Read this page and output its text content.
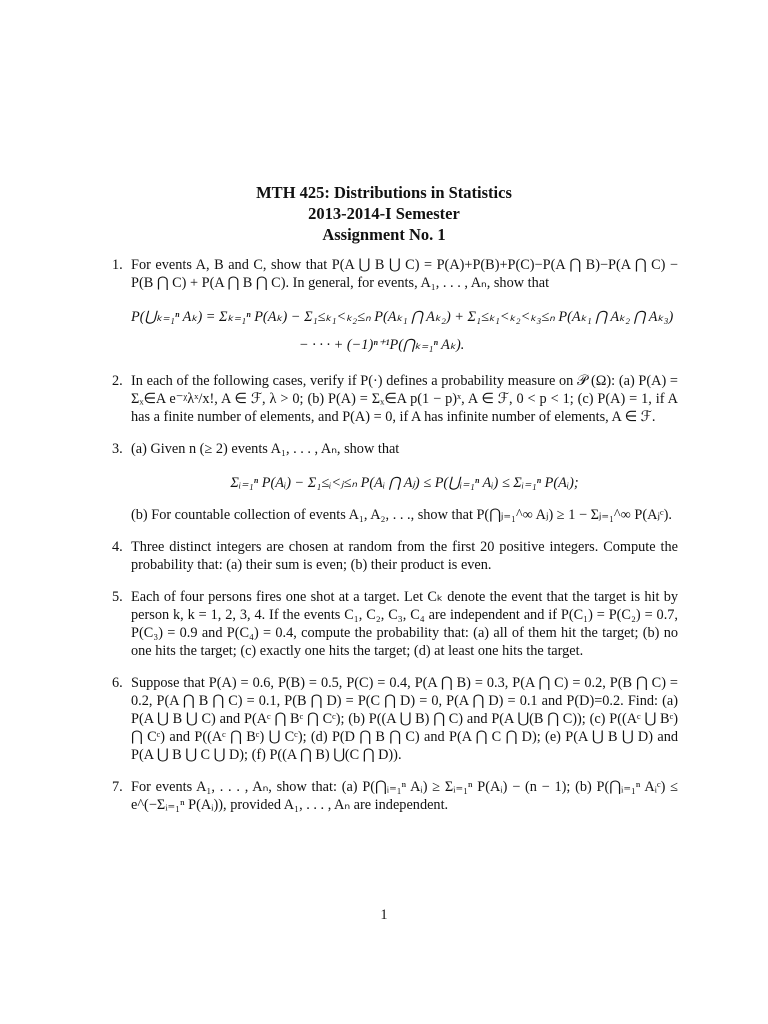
MTH 425: Distributions in Statistics
2013-2014-I Semester
Assignment No. 1
1. For events A, B and C, show that P(A ⋃ B ⋃ C) = P(A)+P(B)+P(C)−P(A ⋂ B)−P(A ⋂ C) − P(B ⋂ C) + P(A ⋂ B ⋂ C). In general, for events, A₁, . . . , Aₙ, show that
P(⋃ₖ₌₁ⁿ Aₖ) = Σₖ₌₁ⁿ P(Aₖ) − Σ₁≤ₖ₁<ₖ₂≤ₙ P(Aₖ₁ ⋂ Aₖ₂) + Σ₁≤ₖ₁<ₖ₂<ₖ₃≤ₙ P(Aₖ₁ ⋂ Aₖ₂ ⋂ Aₖ₃)
− · · · + (−1)ⁿ⁺¹P(⋂ₖ₌₁ⁿ Aₖ).
2. In each of the following cases, verify if P(·) defines a probability measure on 𝒫 (Ω): (a) P(A) = Σₓ∈A e⁻ᵡλˣ/x!, A ∈ ℱ, λ > 0; (b) P(A) = Σₓ∈A p(1 − p)ˣ, A ∈ ℱ, 0 < p < 1; (c) P(A) = 1, if A has a finite number of elements, and P(A) = 0, if A has infinite number of elements, A ∈ ℱ.
3. (a) Given n (≥ 2) events A₁, . . . , Aₙ, show that
Σᵢ₌₁ⁿ P(Aᵢ) − Σ₁≤ᵢ<ⱼ≤ₙ P(Aᵢ ⋂ Aⱼ) ≤ P(⋃ᵢ₌₁ⁿ Aᵢ) ≤ Σᵢ₌₁ⁿ P(Aᵢ);
(b) For countable collection of events A₁, A₂, . . ., show that P(⋂ⱼ₌₁^∞ Aⱼ) ≥ 1 − Σⱼ₌₁^∞ P(Aⱼᶜ).
4. Three distinct integers are chosen at random from the first 20 positive integers. Compute the probability that: (a) their sum is even; (b) their product is even.
5. Each of four persons fires one shot at a target. Let Cₖ denote the event that the target is hit by person k, k = 1, 2, 3, 4. If the events C₁, C₂, C₃, C₄ are independent and if P(C₁) = P(C₂) = 0.7, P(C₃) = 0.9 and P(C₄) = 0.4, compute the probability that: (a) all of them hit the target; (b) no one hits the target; (c) exactly one hits the target; (d) at least one hits the target.
6. Suppose that P(A) = 0.6, P(B) = 0.5, P(C) = 0.4, P(A ⋂ B) = 0.3, P(A ⋂ C) = 0.2, P(B ⋂ C) = 0.2, P(A ⋂ B ⋂ C) = 0.1, P(B ⋂ D) = P(C ⋂ D) = 0, P(A ⋂ D) = 0.1 and P(D)=0.2. Find: (a) P(A ⋃ B ⋃ C) and P(Aᶜ ⋂ Bᶜ ⋂ Cᶜ); (b) P((A ⋃ B) ⋂ C) and P(A ⋃(B ⋂ C)); (c) P((Aᶜ ⋃ Bᶜ) ⋂ Cᶜ) and P((Aᶜ ⋂ Bᶜ) ⋃ Cᶜ); (d) P(D ⋂ B ⋂ C) and P(A ⋂ C ⋂ D); (e) P(A ⋃ B ⋃ D) and P(A ⋃ B ⋃ C ⋃ D); (f) P((A ⋂ B) ⋃(C ⋂ D)).
7. For events A₁, . . . , Aₙ, show that: (a) P(⋂ᵢ₌₁ⁿ Aᵢ) ≥ Σᵢ₌₁ⁿ P(Aᵢ) − (n − 1); (b) P(⋂ᵢ₌₁ⁿ Aᵢᶜ) ≤ e^(−Σᵢ₌₁ⁿ P(Aᵢ)), provided A₁, . . . , Aₙ are independent.
1
